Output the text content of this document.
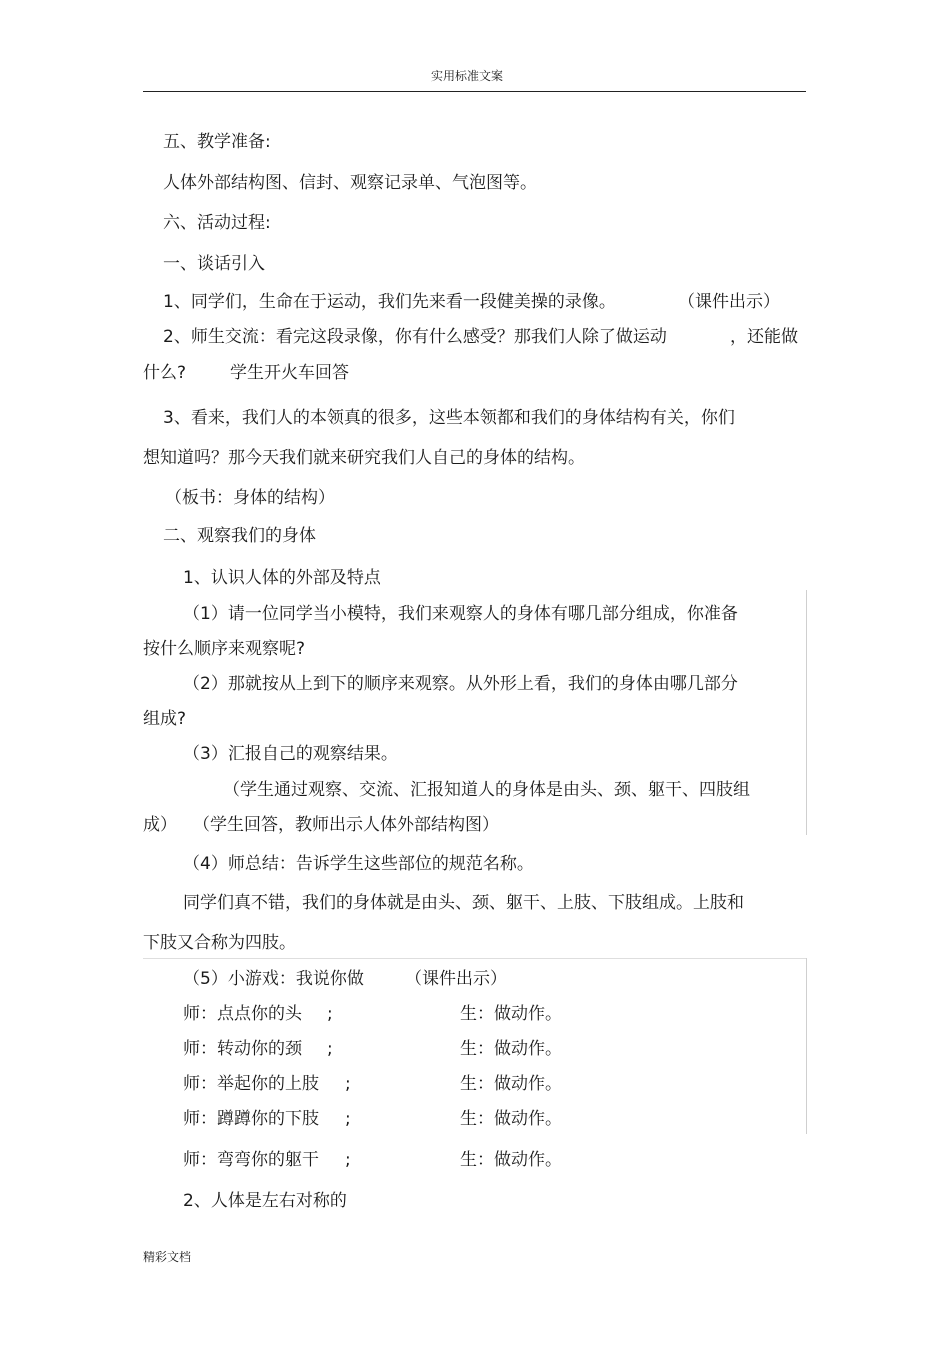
实用标准文案
五、教学准备:
人体外部结构图、信封、观察记录单、气泡图等。
六、活动过程:
一、谈话引入
1、同学们，生命在于运动，我们先来看一段健美操的录像。	（课件出示）
2、师生交流：看完这段录像，你有什么感受？那我们人除了做运动	，还能做
什么?	学生开火车回答
3、看来，我们人的本领真的很多，这些本领都和我们的身体结构有关，你们
想知道吗？那今天我们就来研究我们人自己的身体的结构。
（板书：身体的结构）
二、观察我们的身体
1、认识人体的外部及特点
（1）请一位同学当小模特，我们来观察人的身体有哪几部分组成，你准备
按什么顺序来观察呢?
（2）那就按从上到下的顺序来观察。从外形上看，我们的身体由哪几部分
组成?
（3）汇报自己的观察结果。
（学生通过观察、交流、汇报知道人的身体是由头、颈、躯干、四肢组
成） （学生回答，教师出示人体外部结构图）
（4）师总结：告诉学生这些部位的规范名称。
同学们真不错，我们的身体就是由头、颈、躯干、上肢、下肢组成。上肢和
下肢又合称为四肢。
（5）小游戏：我说你做 （课件出示）
师：点点你的头 ;	生：做动作。
师：转动你的颈 ;	生：做动作。
师：举起你的上肢 ;	生：做动作。
师：蹲蹲你的下肢 ;	生：做动作。
师：弯弯你的躯干 ;	生：做动作。
2、人体是左右对称的
精彩文档
